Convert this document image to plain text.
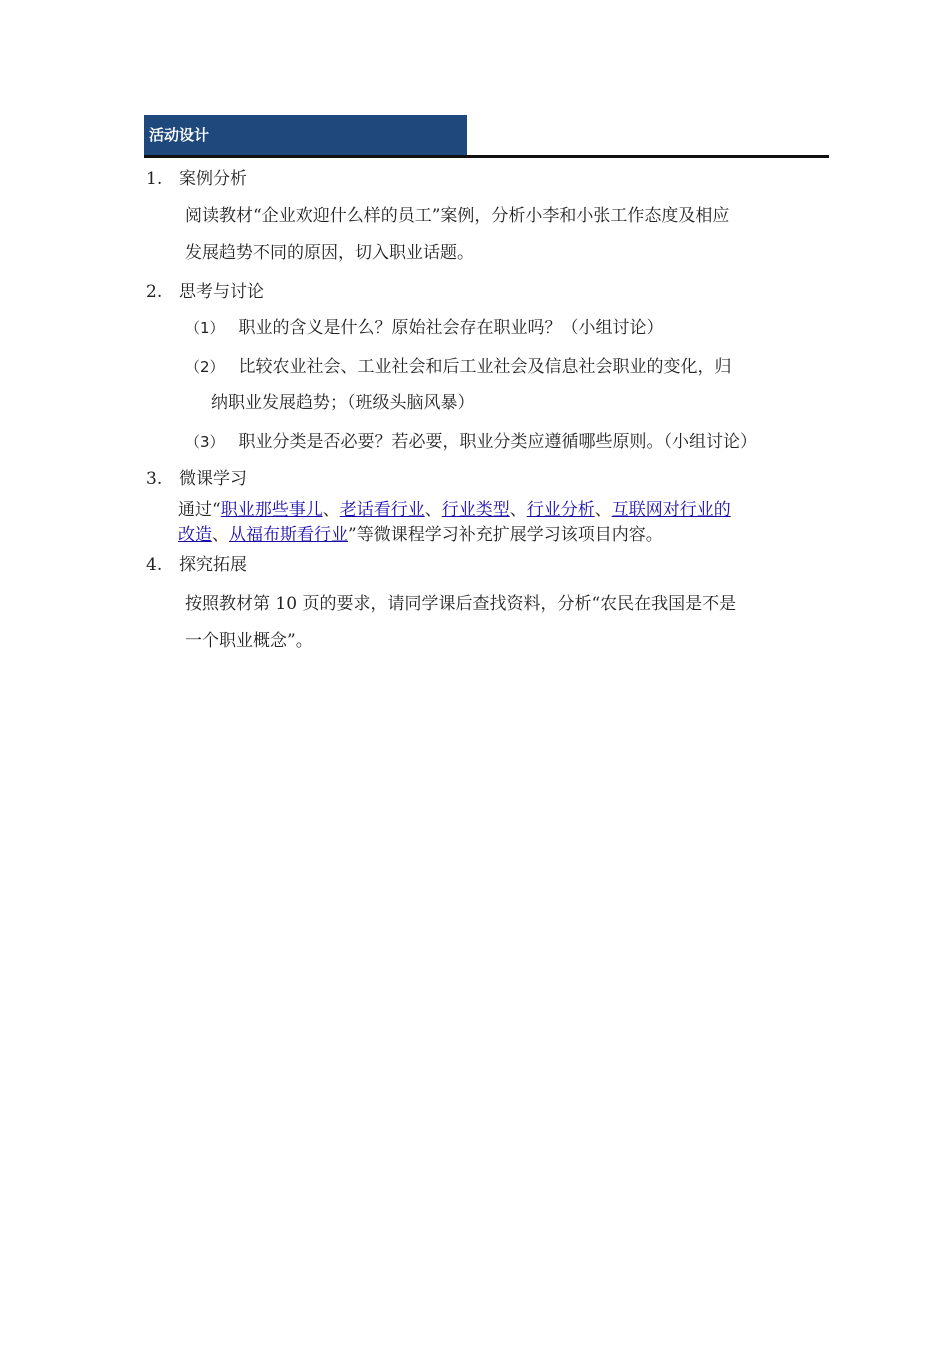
活动设计
1. 案例分析
阅读教材“企业欢迎什么样的员工”案例，分析小李和小张工作态度及相应
发展趋势不同的原因，切入职业话题。
2. 思考与讨论
（1） 职业的含义是什么？原始社会存在职业吗？（小组讨论）
（2） 比较农业社会、工业社会和后工业社会及信息社会职业的变化，归
纳职业发展趋势；（班级头脑风暴）
（3） 职业分类是否必要？若必要，职业分类应遵循哪些原则。（小组讨论）
3. 微课学习
通过“职业那些事儿、老话看行业、行业类型、行业分析、互联网对行业的
改造、从福布斯看行业”等微课程学习补充扩展学习该项目内容。
4. 探究拓展
按照教材第 10 页的要求，请同学课后查找资料，分析“农民在我国是不是
一个职业概念”。
